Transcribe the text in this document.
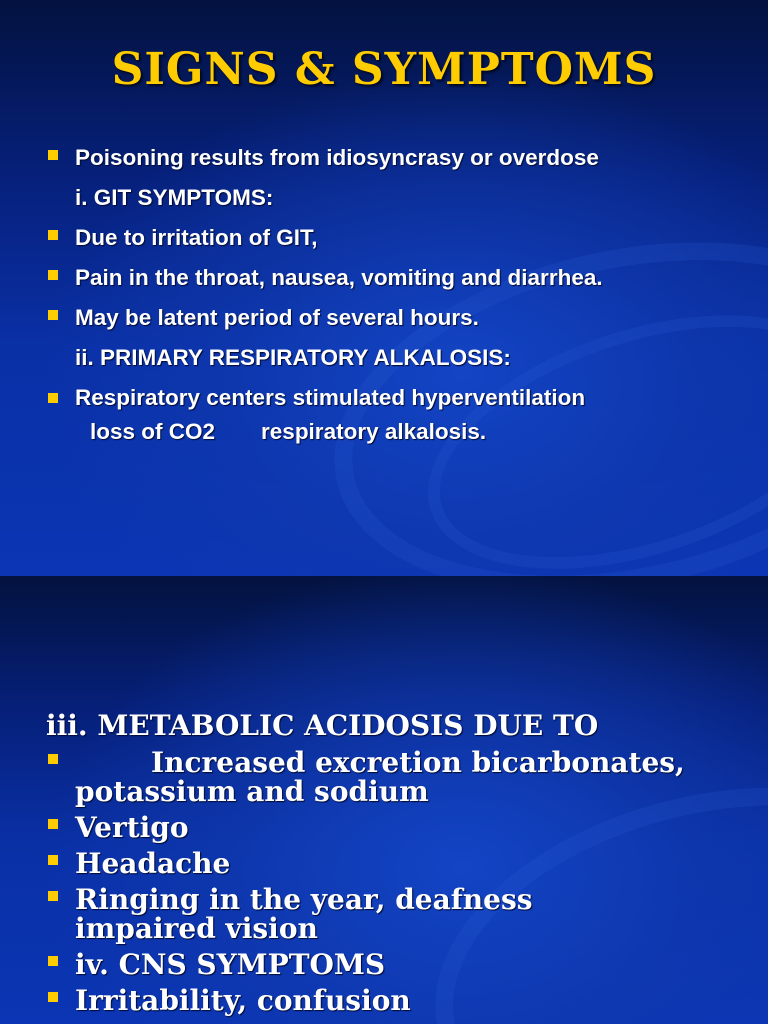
SIGNS & SYMPTOMS
Poisoning results from idiosyncrasy or overdose
i. GIT SYMPTOMS:
Due to irritation of GIT,
Pain in the throat, nausea, vomiting and diarrhea.
May be latent period of several hours.
ii. PRIMARY RESPIRATORY ALKALOSIS:
Respiratory centers stimulated hyperventilation
loss of CO2 respiratory alkalosis.
iii. METABOLIC ACIDOSIS DUE TO
Increased excretion bicarbonates,
potassium and sodium
Vertigo
Headache
Ringing in the year, deafness
impaired vision
iv. CNS SYMPTOMS
Irritability, confusion
